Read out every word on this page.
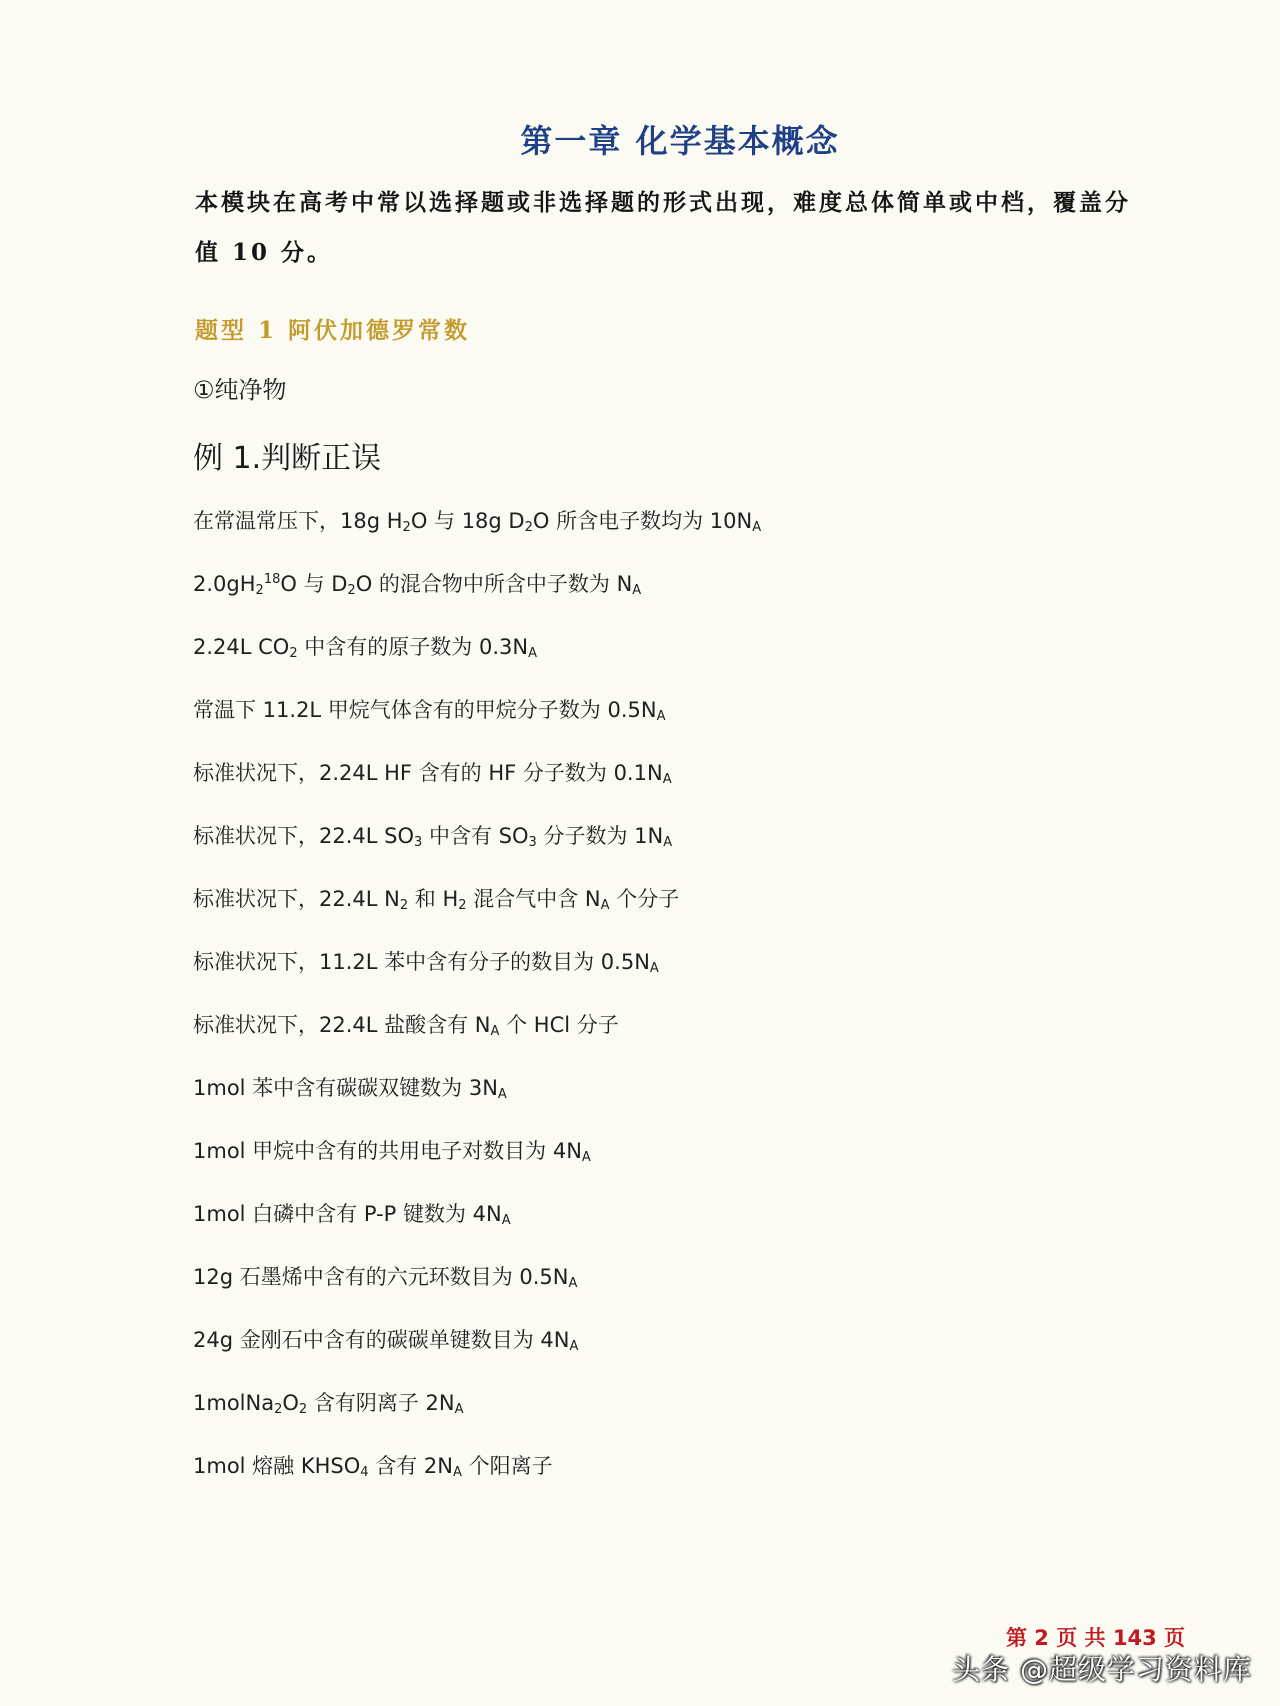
第一章 化学基本概念
本模块在高考中常以选择题或非选择题的形式出现，难度总体简单或中档，覆盖分值 10 分。
题型 1 阿伏加德罗常数
①纯净物
例 1.判断正误
在常温常压下，18g $H_2O$ 与 18g $D_2O$ 所含电子数均为 $10N_A$
$2.0gH_2^{18}O$ 与 $D_2O$ 的混合物中所含中子数为 $N_A$
2.24L $CO_2$ 中含有的原子数为 $0.3N_A$
常温下 11.2L 甲烷气体含有的甲烷分子数为 $0.5N_A$
标准状况下，2.24L HF 含有的 HF 分子数为 $0.1N_A$
标准状况下，22.4L $SO_3$ 中含有 $SO_3$ 分子数为 $1N_A$
标准状况下，22.4L $N_2$ 和 $H_2$ 混合气中含 $N_A$ 个分子
标准状况下，11.2L 苯中含有分子的数目为 $0.5N_A$
标准状况下，22.4L 盐酸含有 $N_A$ 个 HCl 分子
1mol 苯中含有碳碳双键数为 $3N_A$
1mol 甲烷中含有的共用电子对数目为 $4N_A$
1mol 白磷中含有 P-P 键数为 $4N_A$
12g 石墨烯中含有的六元环数目为 $0.5N_A$
24g 金刚石中含有的碳碳单键数目为 $4N_A$
$1molNa_2O_2$ 含有阴离子 $2N_A$
1mol 熔融 $KHSO_4$ 含有 $2N_A$ 个阳离子
第 2 页 共 143 页
头条 @超级学习资料库
